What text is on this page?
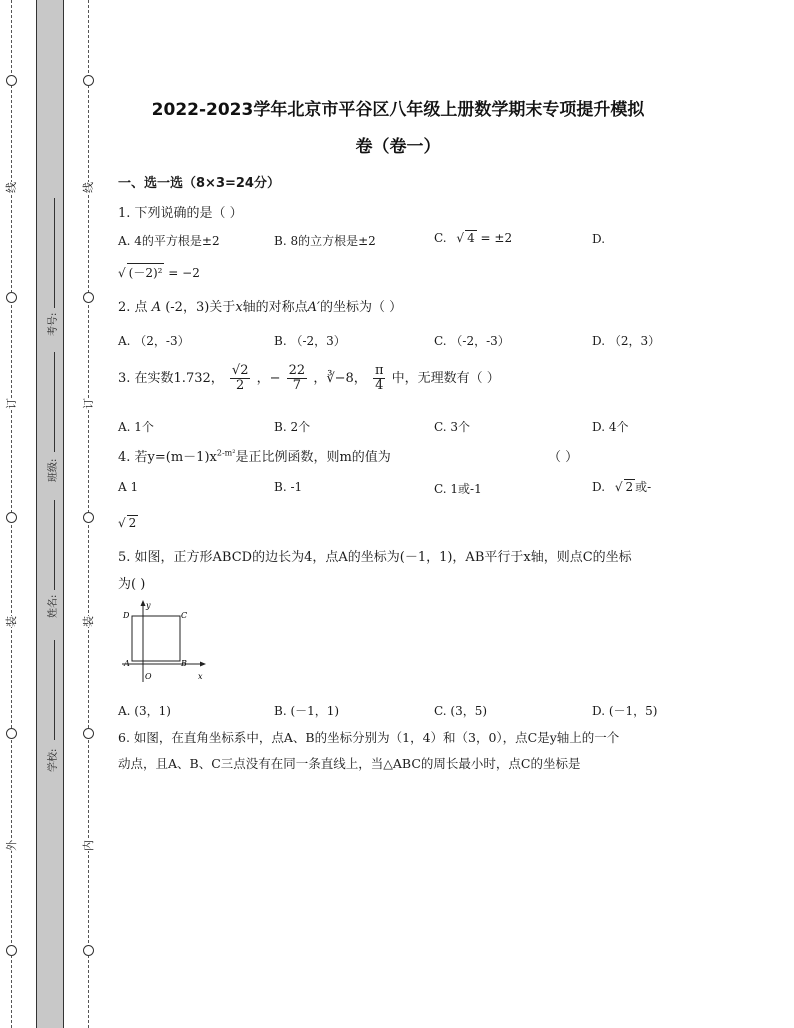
线
订
装
外
线
订
装
内
考号:
班级:
姓名:
学校:
2022-2023学年北京市平谷区八年级上册数学期末专项提升模拟
卷（卷一）
一、选一选（8×3=24分）
1. 下列说确的是（ ）
A. 4的平方根是±2	B. 8的立方根是±2	C. √ 4 = ±2	D.
√ (－2)² = −2
2. 点 A (-2，3)关于x轴的对称点A′的坐标为（ ）
A. （2，-3）	B. （-2，3）	C. （-2，-3）	D. （2，3）
3. 在实数1.732， $\frac{√2}{2}$ ，− $\frac{22}{7}$ ，∛−8， $\frac{\pi}{4}$ 中，无理数有（ ）
A. 1个	B. 2个	C. 3个	D. 4个
4. 若$y=(m-1)x^{2-m^2}$是正比例函数，则m的值为	（ ）
A 1	B. -1	C. 1或-1	D. √ 2 或-
√ 2
5. 如图，正方形ABCD的边长为4，点A的坐标为(－1，1)，AB平行于x轴，则点C的坐标
为( )
y
x
O
A	B
C
D
A. (3，1)	B. (－1，1)	C. (3，5)	D. (－1，5)
6. 如图，在直角坐标系中，点A、B的坐标分别为（1，4）和（3，0），点C是y轴上的一个
动点，且A、B、C三点没有在同一条直线上，当△ABC的周长最小时，点C的坐标是
